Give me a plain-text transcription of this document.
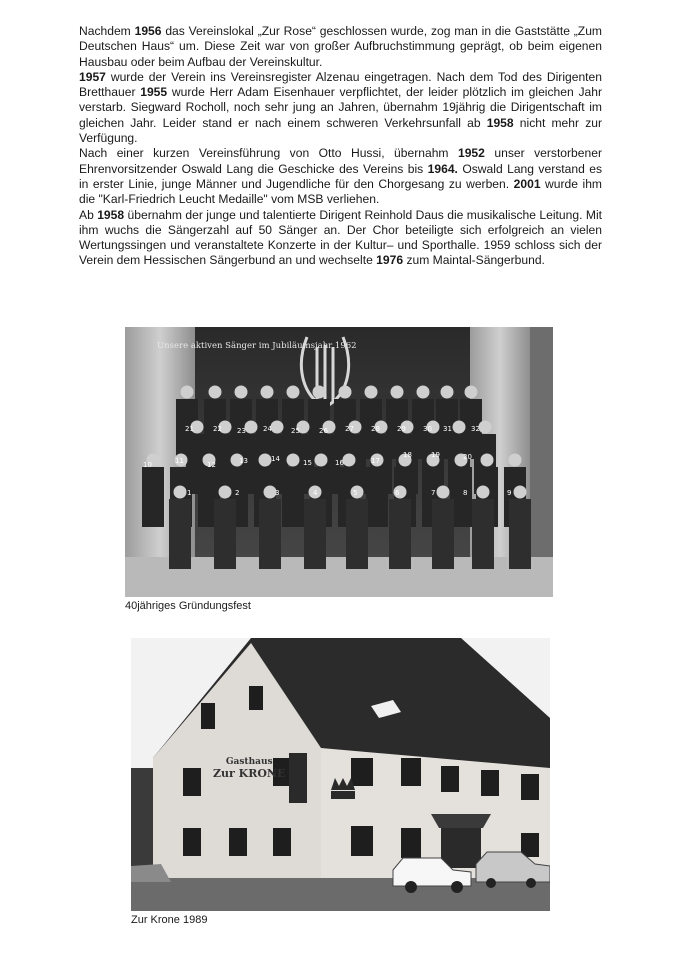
Nachdem 1956 das Vereinslokal „Zur Rose“ geschlossen wurde, zog man in die Gaststätte „Zum Deutschen Haus“ um. Diese Zeit war von großer Aufbruchstimmung geprägt, ob beim eigenen Hausbau oder beim Aufbau der Vereinskultur.

1957 wurde der Verein ins Vereinsregister Alzenau eingetragen. Nach dem Tod des Dirigenten Bretthauer 1955 wurde Herr Adam Eisenhauer verpflichtet, der leider plötzlich im gleichen Jahr verstarb. Siegward Rocholl, noch sehr jung an Jahren, übernahm 19jährig die Dirigentschaft im gleichen Jahr. Leider stand er nach einem schweren Verkehrsunfall ab 1958 nicht mehr zur Verfügung.

Nach einer kurzen Vereinsführung von Otto Hussi, übernahm 1952 unser verstorbener Ehrenvorsitzender Oswald Lang die Geschicke des Vereins bis 1964. Oswald Lang verstand es in erster Linie, junge Männer und Jugendliche für den Chorgesang zu werben. 2001 wurde ihm die "Karl-Friedrich Leucht Medaille" vom MSB verliehen.

Ab 1958 übernahm der junge und talentierte Dirigent Reinhold Daus die musikalische Leitung. Mit ihm wuchs die Sängerzahl auf 50 Sänger an. Der Chor beteiligte sich erfolgreich an vielen Wertungssingen und veranstaltete Konzerte in der Kultur– und Sporthalle. 1959 schloss sich der Verein dem Hessischen Sängerbund an und wechselte 1976 zum Maintal-Sängerbund.

1	2	3	4	5	6	7	8	9
10	11	12	13	14	15	16	17
18	19	20
21	22 23 24	25	26 27 28 29 30 31	32
Unsere aktiven Sänger im Jubiläumsjahr 1962
40jähriges Gründungsfest
Gasthaus
Zur KRONE
Zur Krone 1989
